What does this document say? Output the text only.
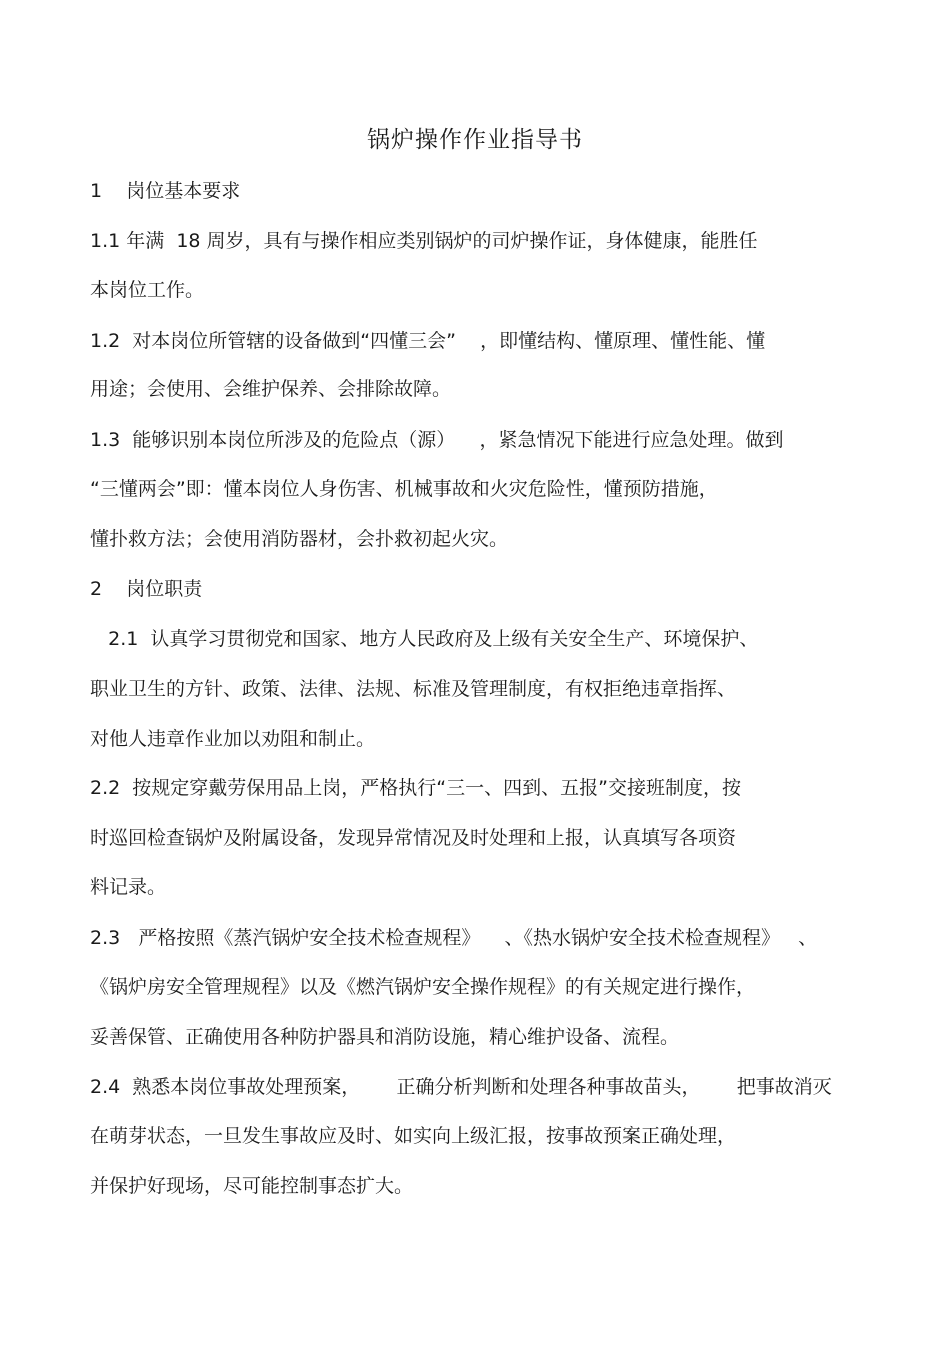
锅炉操作作业指导书
1    岗位基本要求
1.1 年满  18 周岁，具有与操作相应类别锅炉的司炉操作证，身体健康，能胜任
本岗位工作。
1.2  对本岗位所管辖的设备做到“四懂三会”    ，即懂结构、懂原理、懂性能、懂
用途；会使用、会维护保养、会排除故障。
1.3  能够识别本岗位所涉及的危险点（源）    ，紧急情况下能进行应急处理。做到
“三懂两会”即：懂本岗位人身伤害、机械事故和火灾危险性，懂预防措施，
懂扑救方法；会使用消防器材，会扑救初起火灾。
2    岗位职责
2.1  认真学习贯彻党和国家、地方人民政府及上级有关安全生产、环境保护、
职业卫生的方针、政策、法律、法规、标准及管理制度，有权拒绝违章指挥、
对他人违章作业加以劝阻和制止。
2.2  按规定穿戴劳保用品上岗，严格执行“三一、四到、五报”交接班制度，按
时巡回检查锅炉及附属设备，发现异常情况及时处理和上报，认真填写各项资
料记录。
2.3   严格按照《蒸汽锅炉安全技术检查规程》    、《热水锅炉安全技术检查规程》   、
《锅炉房安全管理规程》以及《燃汽锅炉安全操作规程》的有关规定进行操作，
妥善保管、正确使用各种防护器具和消防设施，精心维护设备、流程。
2.4  熟悉本岗位事故处理预案，      正确分析判断和处理各种事故苗头，      把事故消灭
在萌芽状态，一旦发生事故应及时、如实向上级汇报，按事故预案正确处理，
并保护好现场，尽可能控制事态扩大。
